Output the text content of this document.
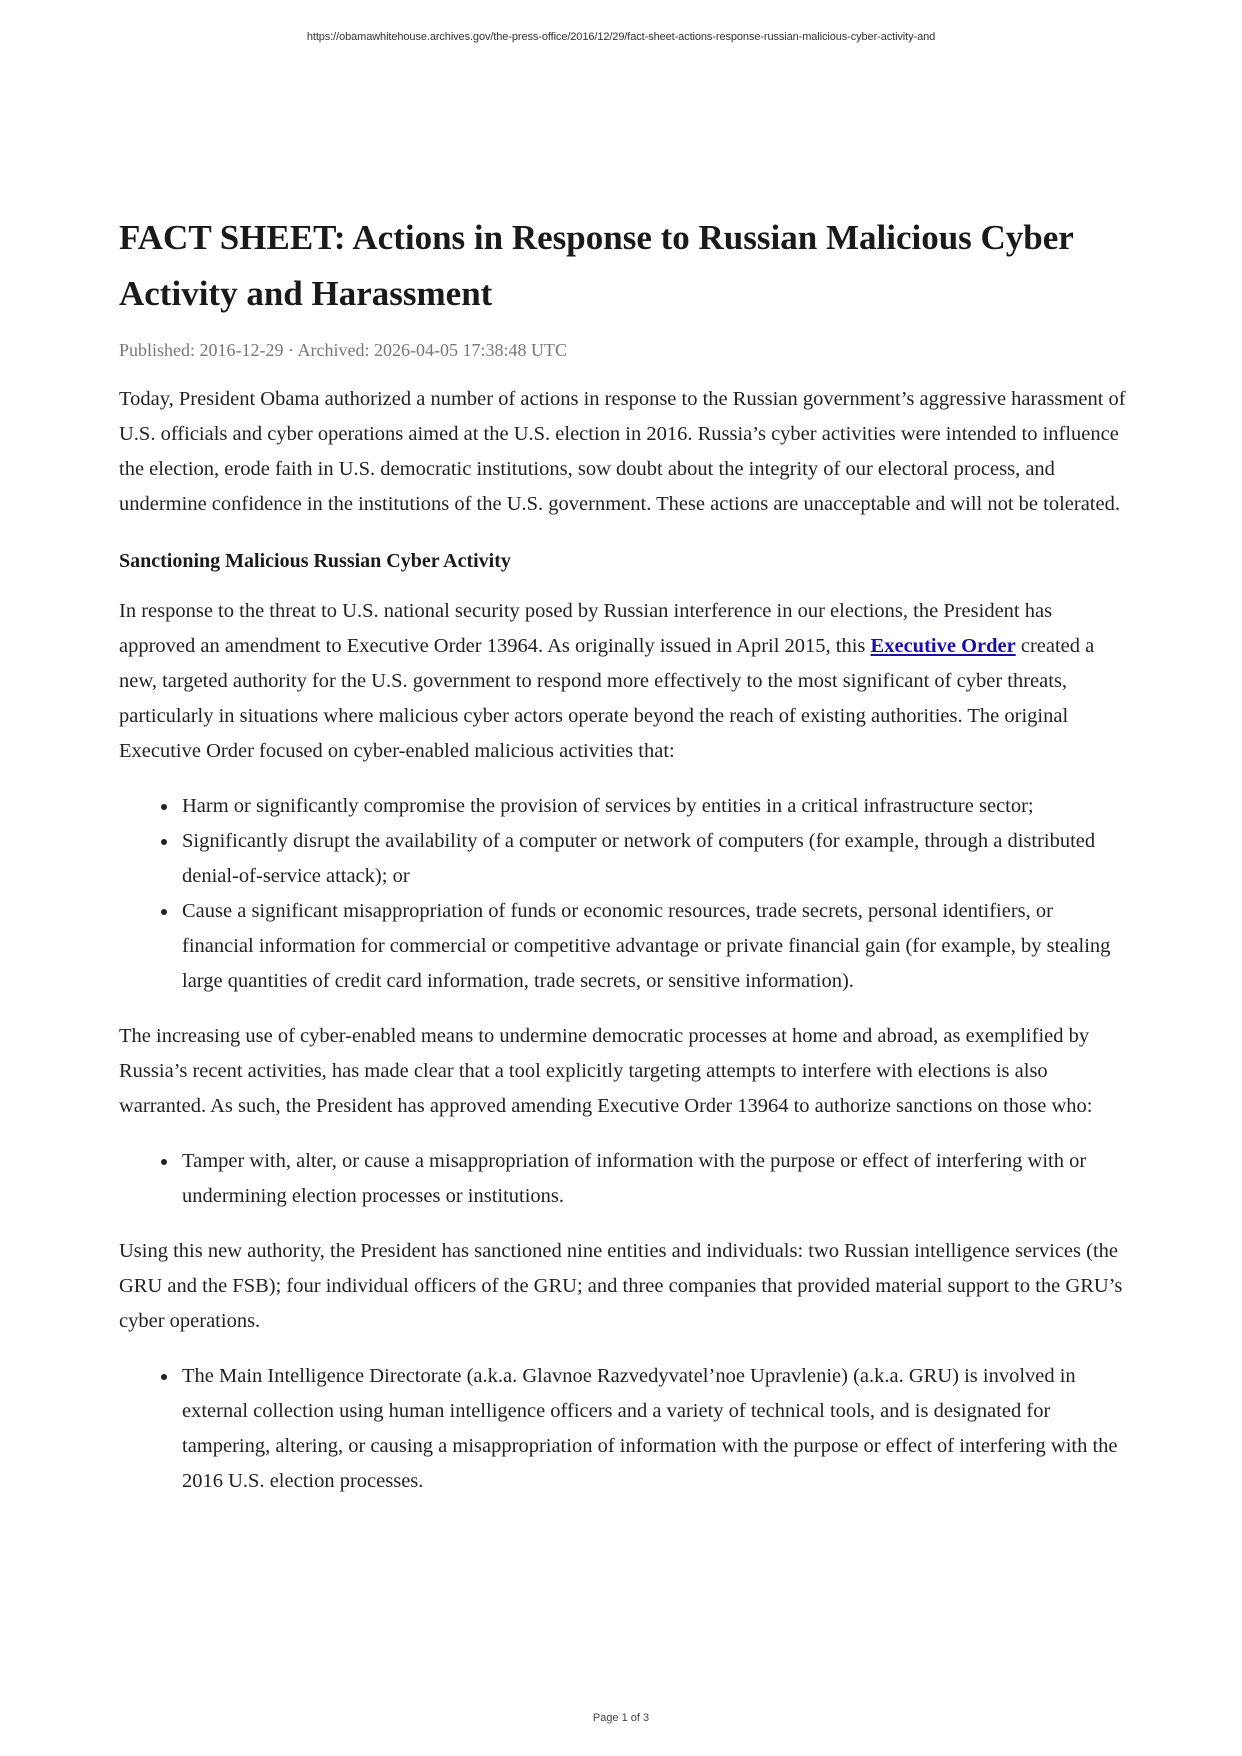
https://obamawhitehouse.archives.gov/the-press-office/2016/12/29/fact-sheet-actions-response-russian-malicious-cyber-activity-and
FACT SHEET: Actions in Response to Russian Malicious Cyber Activity and Harassment
Published: 2016-12-29 · Archived: 2026-04-05 17:38:48 UTC

Today, President Obama authorized a number of actions in response to the Russian government’s aggressive harassment of U.S. officials and cyber operations aimed at the U.S. election in 2016. Russia’s cyber activities were intended to influence the election, erode faith in U.S. democratic institutions, sow doubt about the integrity of our electoral process, and undermine confidence in the institutions of the U.S. government. These actions are unacceptable and will not be tolerated.

Sanctioning Malicious Russian Cyber Activity

In response to the threat to U.S. national security posed by Russian interference in our elections, the President has approved an amendment to Executive Order 13964. As originally issued in April 2015, this Executive Order created a new, targeted authority for the U.S. government to respond more effectively to the most significant of cyber threats, particularly in situations where malicious cyber actors operate beyond the reach of existing authorities. The original Executive Order focused on cyber-enabled malicious activities that:

Harm or significantly compromise the provision of services by entities in a critical infrastructure sector;
Significantly disrupt the availability of a computer or network of computers (for example, through a distributed denial-of-service attack); or
Cause a significant misappropriation of funds or economic resources, trade secrets, personal identifiers, or financial information for commercial or competitive advantage or private financial gain (for example, by stealing large quantities of credit card information, trade secrets, or sensitive information).

The increasing use of cyber-enabled means to undermine democratic processes at home and abroad, as exemplified by Russia’s recent activities, has made clear that a tool explicitly targeting attempts to interfere with elections is also warranted. As such, the President has approved amending Executive Order 13964 to authorize sanctions on those who:

Tamper with, alter, or cause a misappropriation of information with the purpose or effect of interfering with or undermining election processes or institutions.

Using this new authority, the President has sanctioned nine entities and individuals: two Russian intelligence services (the GRU and the FSB); four individual officers of the GRU; and three companies that provided material support to the GRU’s cyber operations.

The Main Intelligence Directorate (a.k.a. Glavnoe Razvedyvatel’noe Upravlenie) (a.k.a. GRU) is involved in external collection using human intelligence officers and a variety of technical tools, and is designated for tampering, altering, or causing a misappropriation of information with the purpose or effect of interfering with the 2016 U.S. election processes.
Page 1 of 3
